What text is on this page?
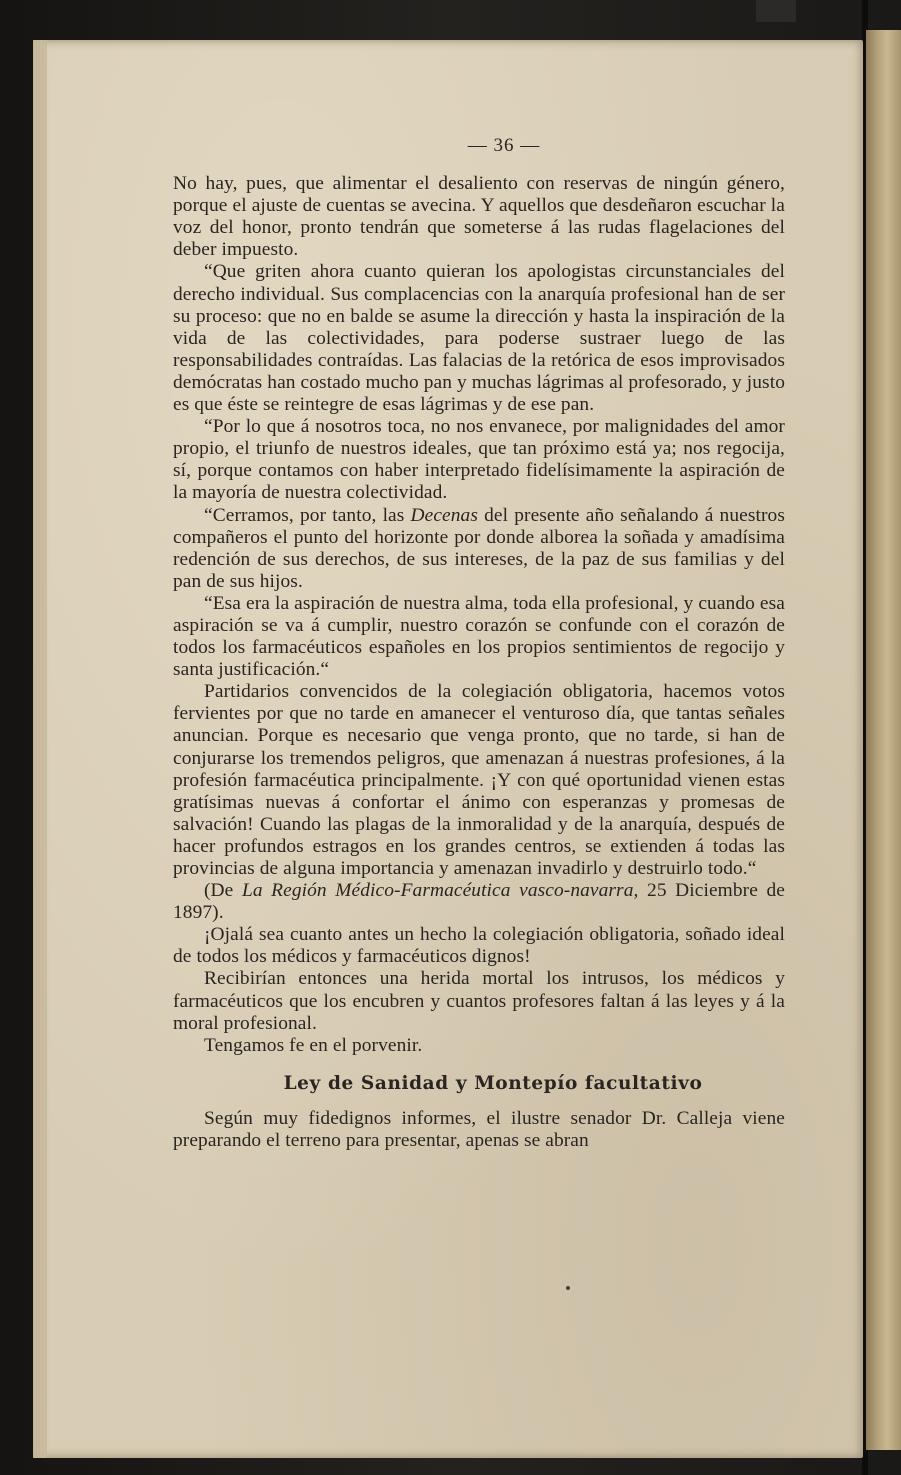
— 36 —

No hay, pues, que alimentar el desaliento con reservas de ningún género, porque el ajuste de cuentas se avecina. Y aquellos que desdeñaron escuchar la voz del honor, pronto tendrán que someterse á las rudas flagelaciones del deber impuesto.

“Que griten ahora cuanto quieran los apologistas circunstanciales del derecho individual. Sus complacencias con la anarquía profesional han de ser su proceso: que no en balde se asume la dirección y hasta la inspiración de la vida de las colectividades, para poderse sustraer luego de las responsabilidades contraídas. Las falacias de la retórica de esos improvisados demócratas han costado mucho pan y muchas lágrimas al profesorado, y justo es que éste se reintegre de esas lágrimas y de ese pan.

“Por lo que á nosotros toca, no nos envanece, por malignidades del amor propio, el triunfo de nuestros ideales, que tan próximo está ya; nos regocija, sí, porque contamos con haber interpretado fidelísimamente la aspiración de la mayoría de nuestra colectividad.

“Cerramos, por tanto, las Decenas del presente año señalando á nuestros compañeros el punto del horizonte por donde alborea la soñada y amadísima redención de sus derechos, de sus intereses, de la paz de sus familias y del pan de sus hijos.

“Esa era la aspiración de nuestra alma, toda ella profesional, y cuando esa aspiración se va á cumplir, nuestro corazón se confunde con el corazón de todos los farmacéuticos españoles en los propios sentimientos de regocijo y santa justificación.“

Partidarios convencidos de la colegiación obligatoria, hacemos votos fervientes por que no tarde en amanecer el venturoso día, que tantas señales anuncian. Porque es necesario que venga pronto, que no tarde, si han de conjurarse los tremendos peligros, que amenazan á nuestras profesiones, á la profesión farmacéutica principalmente. ¡Y con qué oportunidad vienen estas gratísimas nuevas á confortar el ánimo con esperanzas y promesas de salvación! Cuando las plagas de la inmoralidad y de la anarquía, después de hacer profundos estragos en los grandes centros, se extienden á todas las provincias de alguna importancia y amenazan invadirlo y destruirlo todo.“

(De La Región Médico-Farmacéutica vasco-navarra, 25 Diciembre de 1897).

¡Ojalá sea cuanto antes un hecho la colegiación obligatoria, soñado ideal de todos los médicos y farmacéuticos dignos!

Recibirían entonces una herida mortal los intrusos, los médicos y farmacéuticos que los encubren y cuantos profesores faltan á las leyes y á la moral profesional.

Tengamos fe en el porvenir.

Ley de Sanidad y Montepío facultativo

Según muy fidedignos informes, el ilustre senador Dr. Calleja viene preparando el terreno para presentar, apenas se abran
